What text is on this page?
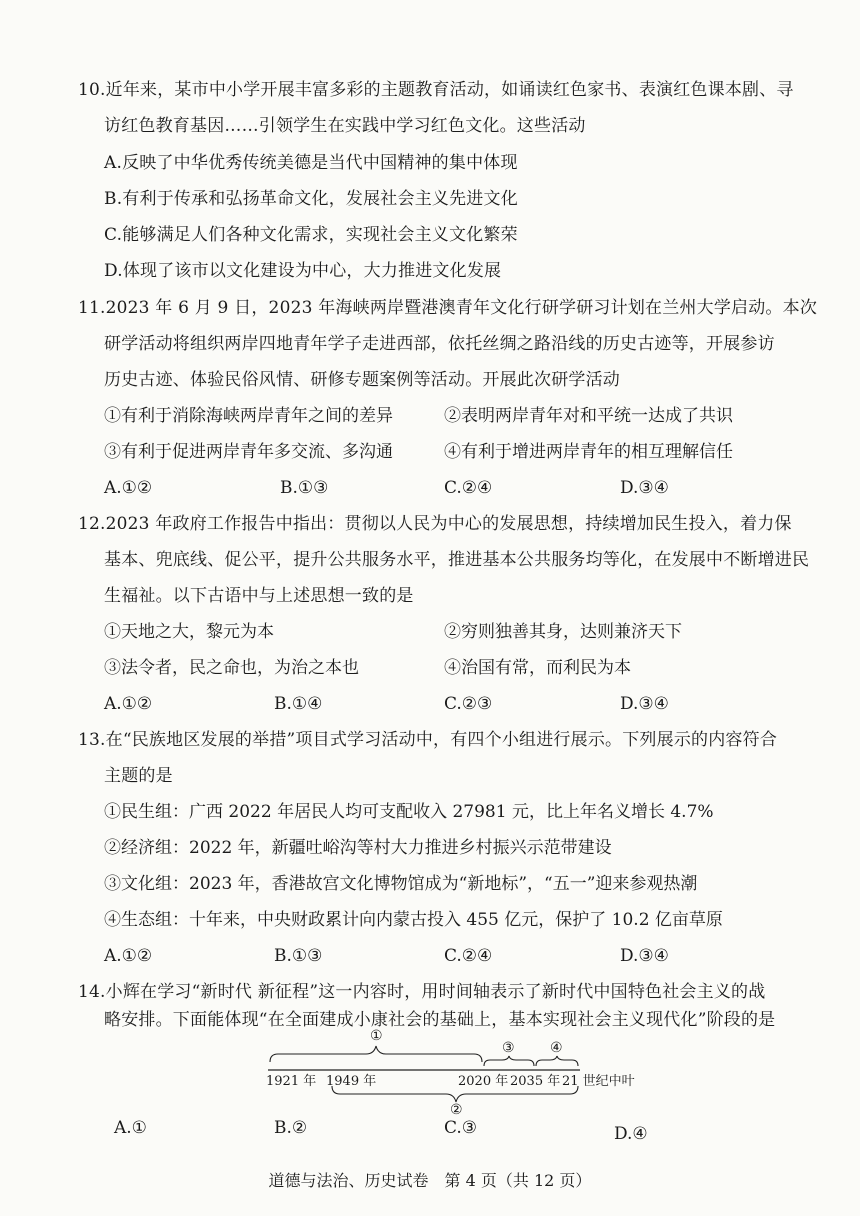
10.近年来，某市中小学开展丰富多彩的主题教育活动，如诵读红色家书、表演红色课本剧、寻
访红色教育基因……引领学生在实践中学习红色文化。这些活动
A.反映了中华优秀传统美德是当代中国精神的集中体现
B.有利于传承和弘扬革命文化，发展社会主义先进文化
C.能够满足人们各种文化需求，实现社会主义文化繁荣
D.体现了该市以文化建设为中心，大力推进文化发展
11.2023 年 6 月 9 日，2023 年海峡两岸暨港澳青年文化行研学研习计划在兰州大学启动。本次
研学活动将组织两岸四地青年学子走进西部，依托丝绸之路沿线的历史古迹等，开展参访
历史古迹、体验民俗风情、研修专题案例等活动。开展此次研学活动
①有利于消除海峡两岸青年之间的差异	②表明两岸青年对和平统一达成了共识
③有利于促进两岸青年多交流、多沟通	④有利于增进两岸青年的相互理解信任
A.①②	B.①③	C.②④	D.③④
12.2023 年政府工作报告中指出：贯彻以人民为中心的发展思想，持续增加民生投入，着力保
基本、兜底线、促公平，提升公共服务水平，推进基本公共服务均等化，在发展中不断增进民
生福祉。以下古语中与上述思想一致的是
①天地之大，黎元为本	②穷则独善其身，达则兼济天下
③法令者，民之命也，为治之本也	④治国有常，而利民为本
A.①②	B.①④	C.②③	D.③④
13.在“民族地区发展的举措”项目式学习活动中，有四个小组进行展示。下列展示的内容符合
主题的是
①民生组：广西 2022 年居民人均可支配收入 27981 元，比上年名义增长 4.7%
②经济组：2022 年，新疆吐峪沟等村大力推进乡村振兴示范带建设
③文化组：2023 年，香港故宫文化博物馆成为“新地标”，“五一”迎来参观热潮
④生态组：十年来，中央财政累计向内蒙古投入 455 亿元，保护了 10.2 亿亩草原
A.①②	B.①③	C.②④	D.③④
14.小辉在学习“新时代 新征程”这一内容时，用时间轴表示了新时代中国特色社会主义的战
略安排。下面能体现“在全面建成小康社会的基础上，基本实现社会主义现代化”阶段的是
①
②
③	④
1921 年 1949 年	2020 年 2035 年 21 世纪中叶
A.①	B.②	C.③	D.④
道德与法治、历史试卷　第 4 页（共 12 页）
